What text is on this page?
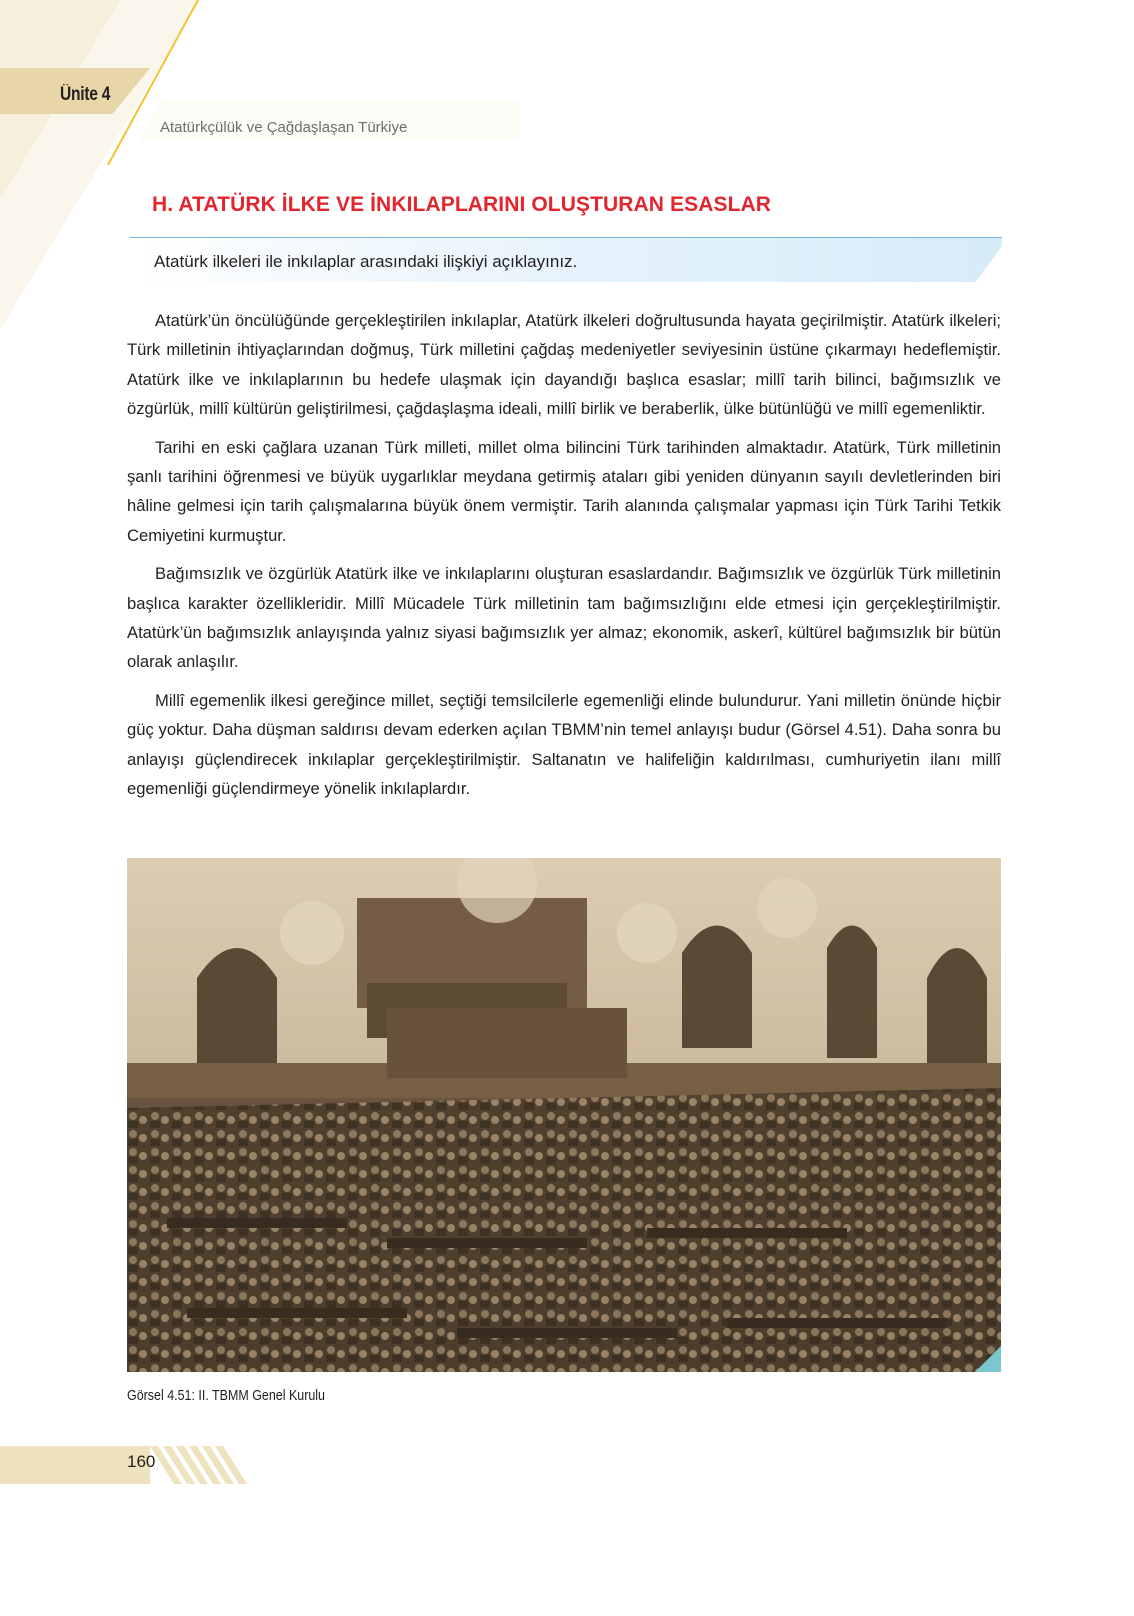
Ünite 4
Atatürkçülük ve Çağdaşlaşan Türkiye
H. ATATÜRK İLKE VE İNKILAPLARINI OLUŞTURAN ESASLAR
Atatürk ilkeleri ile inkılaplar arasındaki ilişkiyi açıklayınız.

Atatürk’ün öncülüğünde gerçekleştirilen inkılaplar, Atatürk ilkeleri doğrultusunda hayata geçirilmiştir. Atatürk ilkeleri; Türk milletinin ihtiyaçlarından doğmuş, Türk milletini çağdaş medeniyetler seviyesinin üstüne çıkarmayı hedeflemiştir. Atatürk ilke ve inkılaplarının bu hedefe ulaşmak için dayandığı başlıca esaslar; millî tarih bilinci, bağımsızlık ve özgürlük, millî kültürün geliştirilmesi, çağdaşlaşma ideali, millî birlik ve beraberlik, ülke bütünlüğü ve millî egemenliktir.

Tarihi en eski çağlara uzanan Türk milleti, millet olma bilincini Türk tarihinden almaktadır. Atatürk, Türk milletinin şanlı tarihini öğrenmesi ve büyük uygarlıklar meydana getirmiş ataları gibi yeniden dünyanın sayılı devletlerinden biri hâline gelmesi için tarih çalışmalarına büyük önem vermiştir. Tarih alanında çalışmalar yapması için Türk Tarihi Tetkik Cemiyetini kurmuştur.

Bağımsızlık ve özgürlük Atatürk ilke ve inkılaplarını oluşturan esaslardandır. Bağımsızlık ve özgürlük Türk milletinin başlıca karakter özellikleridir. Millî Mücadele Türk milletinin tam bağımsızlığını elde etmesi için gerçekleştirilmiştir. Atatürk’ün bağımsızlık anlayışında yalnız siyasi bağımsızlık yer almaz; ekonomik, askerî, kültürel bağımsızlık bir bütün olarak anlaşılır.

Millî egemenlik ilkesi gereğince millet, seçtiği temsilcilerle egemenliği elinde bulundurur. Yani milletin önünde hiçbir güç yoktur. Daha düşman saldırısı devam ederken açılan TBMM’nin temel anlayışı budur (Görsel 4.51). Daha sonra bu anlayışı güçlendirecek inkılaplar gerçekleştirilmiştir. Saltanatın ve halifeliğin kaldırılması, cumhuriyetin ilanı millî egemenliği güçlendirmeye yönelik inkılaplardır.

Görsel 4.51: II. TBMM Genel Kurulu
160
